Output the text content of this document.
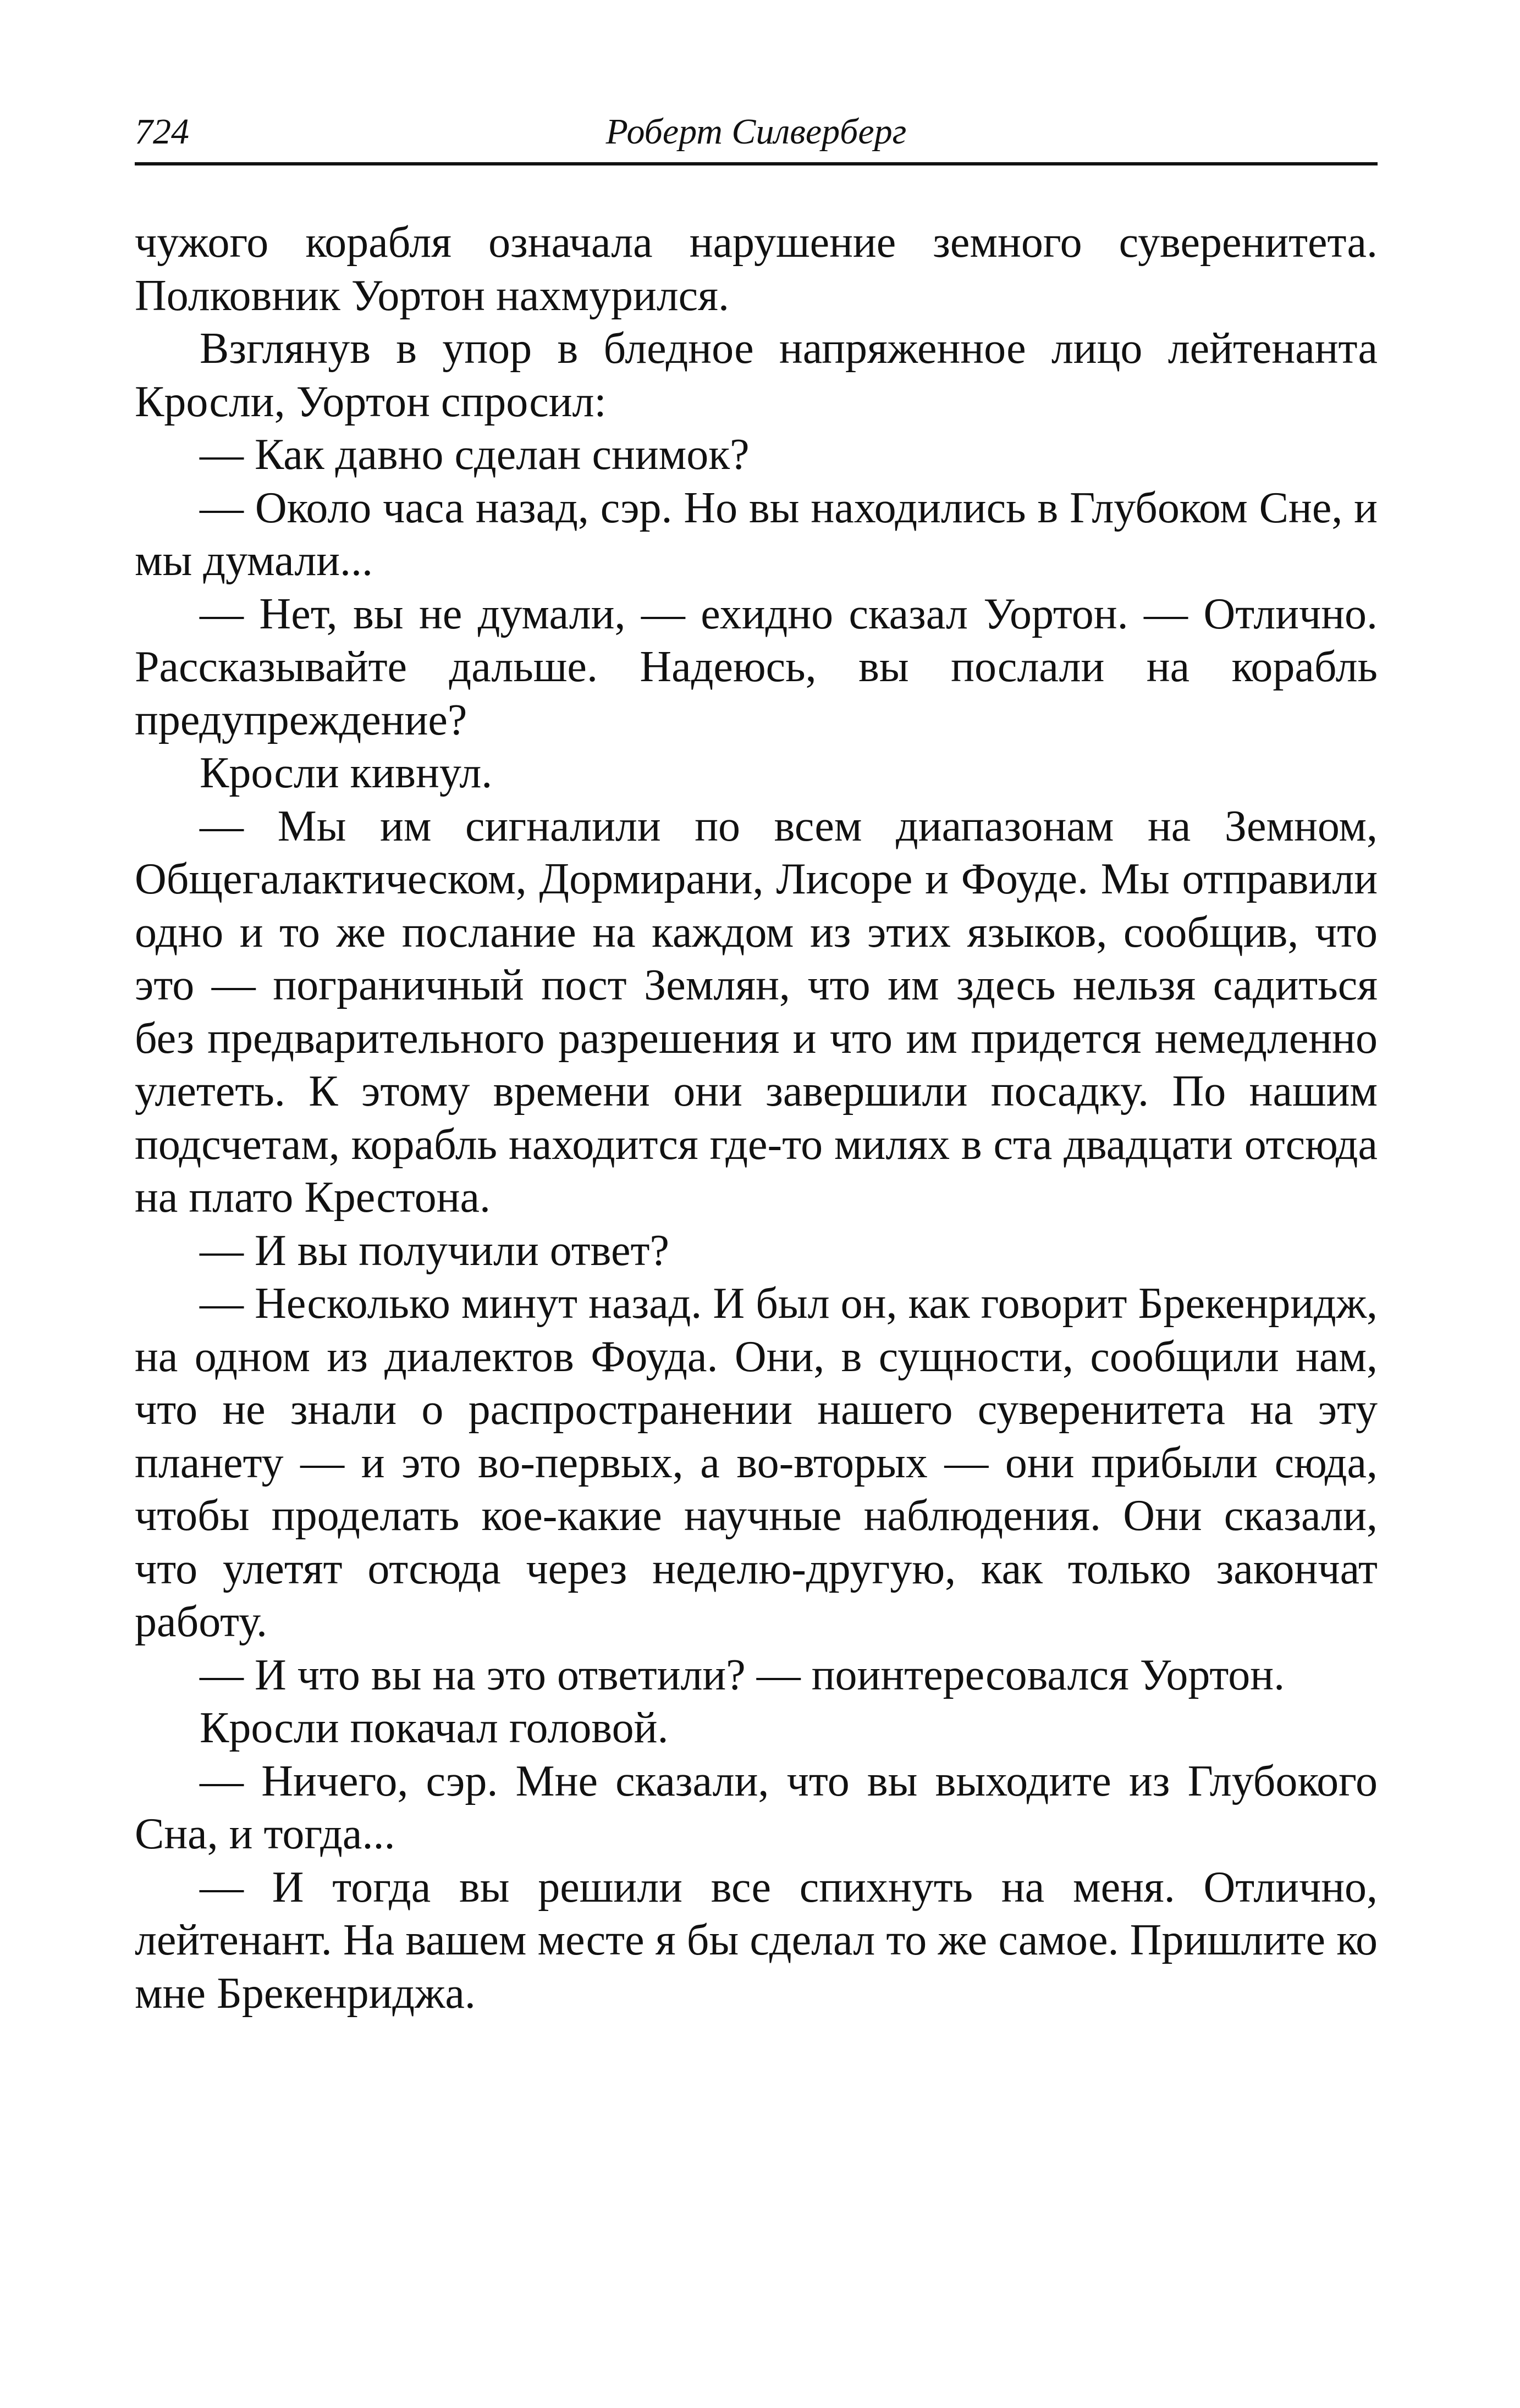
724	Роберт Силверберг

чужого корабля означала нарушение земного суверенитета. Полковник Уортон нахмурился.

Взглянув в упор в бледное напряженное лицо лейтенанта Кросли, Уортон спросил:

— Как давно сделан снимок?

— Около часа назад, сэр. Но вы находились в Глубоком Сне, и мы думали...

— Нет, вы не думали, — ехидно сказал Уортон. — Отлично. Рассказывайте дальше. Надеюсь, вы послали на корабль предупреждение?

Кросли кивнул.

— Мы им сигналили по всем диапазонам на Земном, Общегалактическом, Дормирани, Лисоре и Фоуде. Мы отправили одно и то же послание на каждом из этих языков, сообщив, что это — пограничный пост Землян, что им здесь нельзя садиться без предварительного разрешения и что им придется немедленно улететь. К этому времени они завершили посадку. По нашим подсчетам, корабль находится где-то милях в ста двадцати отсюда на плато Крестона.

— И вы получили ответ?

— Несколько минут назад. И был он, как говорит Брекенридж, на одном из диалектов Фоуда. Они, в сущности, сообщили нам, что не знали о распространении нашего суверенитета на эту планету — и это во-первых, а во-вторых — они прибыли сюда, чтобы проделать кое-какие научные наблюдения. Они сказали, что улетят отсюда через неделю-другую, как только закончат работу.

— И что вы на это ответили? — поинтересовался Уортон.

Кросли покачал головой.

— Ничего, сэр. Мне сказали, что вы выходите из Глубокого Сна, и тогда...

— И тогда вы решили все спихнуть на меня. Отлично, лейтенант. На вашем месте я бы сделал то же самое. Пришлите ко мне Брекенриджа.
